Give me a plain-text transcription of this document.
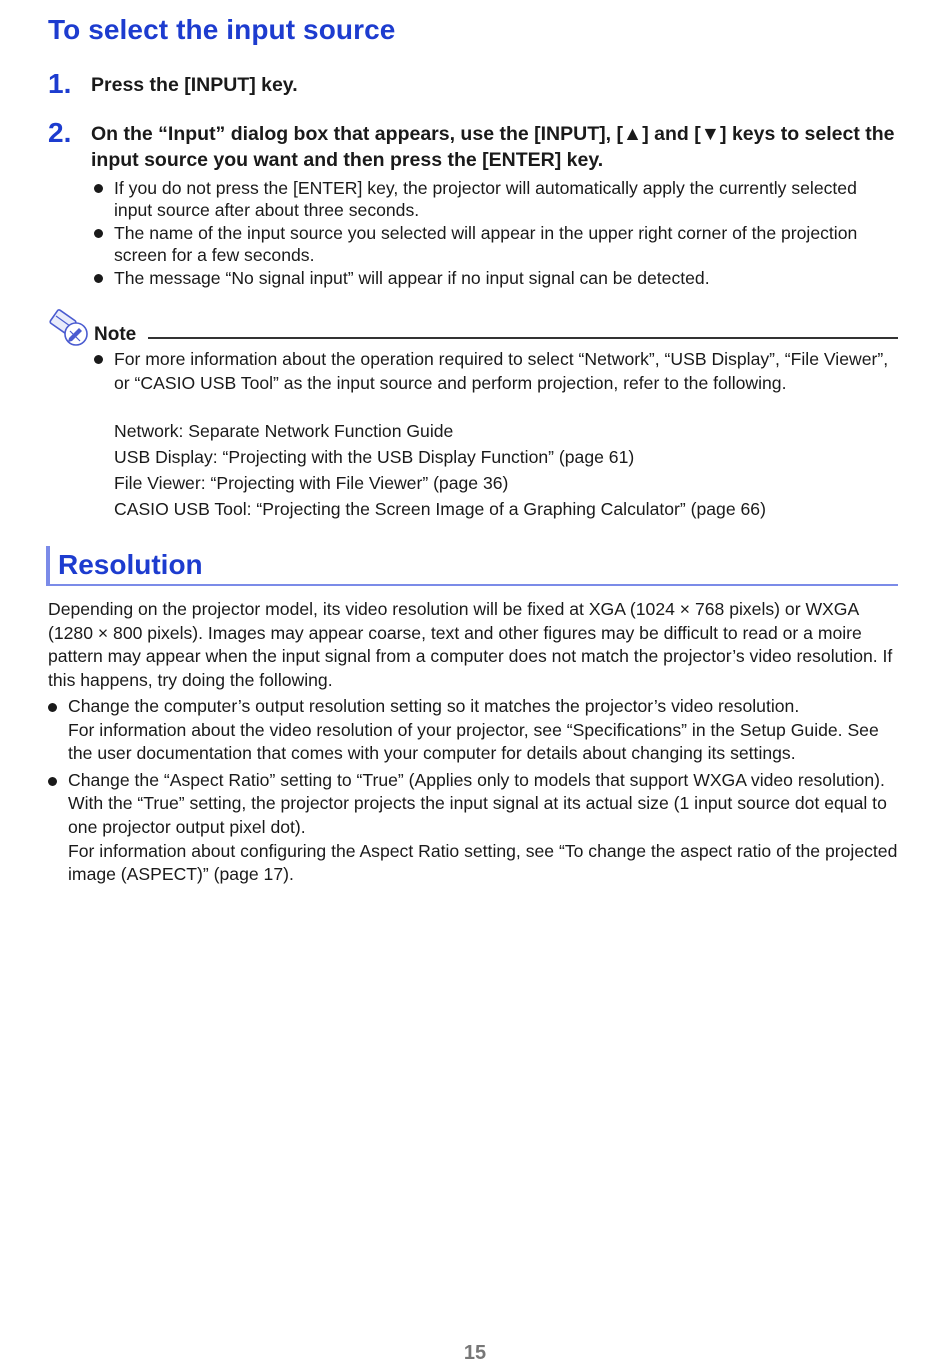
To select the input source
1. Press the [INPUT] key.
2. On the “Input” dialog box that appears, use the [INPUT], [▲] and [▼] keys to select the input source you want and then press the [ENTER] key.
If you do not press the [ENTER] key, the projector will automatically apply the currently selected input source after about three seconds.
The name of the input source you selected will appear in the upper right corner of the projection screen for a few seconds.
The message “No signal input” will appear if no input signal can be detected.
Note
For more information about the operation required to select “Network”, “USB Display”, “File Viewer”, or “CASIO USB Tool” as the input source and perform projection, refer to the following.
Network: Separate Network Function Guide
USB Display: “Projecting with the USB Display Function” (page 61)
File Viewer: “Projecting with File Viewer” (page 36)
CASIO USB Tool: “Projecting the Screen Image of a Graphing Calculator” (page 66)
Resolution

Depending on the projector model, its video resolution will be fixed at XGA (1024 × 768 pixels) or WXGA (1280 × 800 pixels). Images may appear coarse, text and other figures may be difficult to read or a moire pattern may appear when the input signal from a computer does not match the projector’s video resolution. If this happens, try doing the following.

Change the computer’s output resolution setting so it matches the projector’s video resolution.
For information about the video resolution of your projector, see “Specifications” in the Setup Guide. See the user documentation that comes with your computer for details about changing its settings.
Change the “Aspect Ratio” setting to “True” (Applies only to models that support WXGA video resolution). With the “True” setting, the projector projects the input signal at its actual size (1 input source dot equal to one projector output pixel dot).
For information about configuring the Aspect Ratio setting, see “To change the aspect ratio of the projected image (ASPECT)” (page 17).
15
